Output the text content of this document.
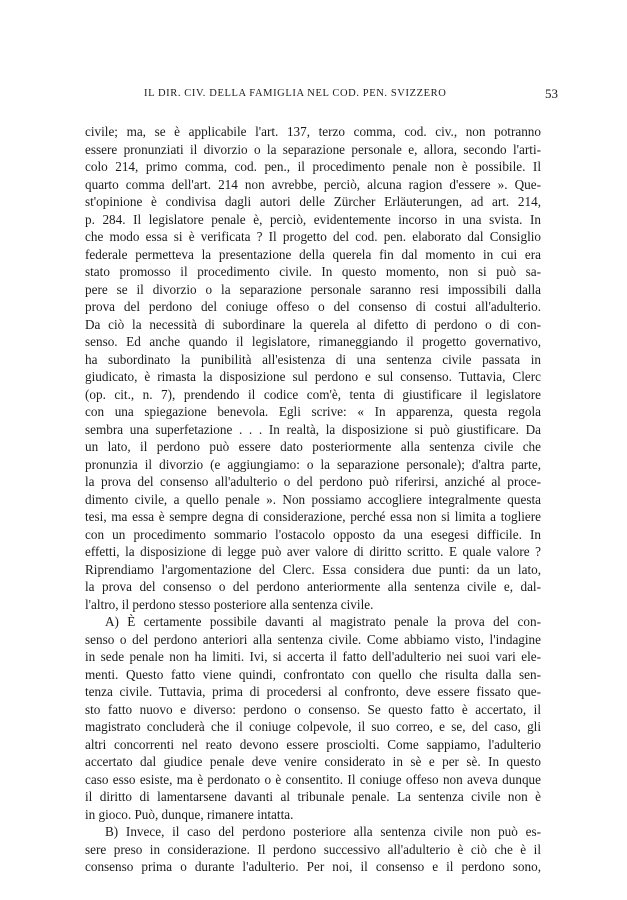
IL DIR. CIV. DELLA FAMIGLIA NEL COD. PEN. SVIZZERO	53
civile; ma, se è applicabile l'art. 137, terzo comma, cod. civ., non potranno
essere pronunziati il divorzio o la separazione personale e, allora, secondo l'arti-
colo 214, primo comma, cod. pen., il procedimento penale non è possibile. Il
quarto comma dell'art. 214 non avrebbe, perciò, alcuna ragion d'essere ». Que-
st'opinione è condivisa dagli autori delle Zürcher Erläuterungen, ad art. 214,
p. 284. Il legislatore penale è, perciò, evidentemente incorso in una svista. In
che modo essa si è verificata ? Il progetto del cod. pen. elaborato dal Consiglio
federale permetteva la presentazione della querela fin dal momento in cui era
stato promosso il procedimento civile. In questo momento, non si può sa-
pere se il divorzio o la separazione personale saranno resi impossibili dalla
prova del perdono del coniuge offeso o del consenso di costui all'adulterio.
Da ciò la necessità di subordinare la querela al difetto di perdono o di con-
senso. Ed anche quando il legislatore, rimaneggiando il progetto governativo,
ha subordinato la punibilità all'esistenza di una sentenza civile passata in
giudicato, è rimasta la disposizione sul perdono e sul consenso. Tuttavia, Clerc
(op. cit., n. 7), prendendo il codice com'è, tenta di giustificare il legislatore
con una spiegazione benevola. Egli scrive: « In apparenza, questa regola
sembra una superfetazione . . . In realtà, la disposizione si può giustificare. Da
un lato, il perdono può essere dato posteriormente alla sentenza civile che
pronunzia il divorzio (e aggiungiamo: o la separazione personale); d'altra parte,
la prova del consenso all'adulterio o del perdono può riferirsi, anziché al proce-
dimento civile, a quello penale ». Non possiamo accogliere integralmente questa
tesi, ma essa è sempre degna di considerazione, perché essa non si limita a togliere
con un procedimento sommario l'ostacolo opposto da una esegesi difficile. In
effetti, la disposizione di legge può aver valore di diritto scritto. E quale valore ?
Riprendiamo l'argomentazione del Clerc. Essa considera due punti: da un lato,
la prova del consenso o del perdono anteriormente alla sentenza civile e, dal-
l'altro, il perdono stesso posteriore alla sentenza civile.
A) È certamente possibile davanti al magistrato penale la prova del con-
senso o del perdono anteriori alla sentenza civile. Come abbiamo visto, l'indagine
in sede penale non ha limiti. Ivi, si accerta il fatto dell'adulterio nei suoi vari ele-
menti. Questo fatto viene quindi, confrontato con quello che risulta dalla sen-
tenza civile. Tuttavia, prima di procedersi al confronto, deve essere fissato que-
sto fatto nuovo e diverso: perdono o consenso. Se questo fatto è accertato, il
magistrato concluderà che il coniuge colpevole, il suo correo, e se, del caso, gli
altri concorrenti nel reato devono essere prosciolti. Come sappiamo, l'adulterio
accertato dal giudice penale deve venire considerato in sè e per sè. In questo
caso esso esiste, ma è perdonato o è consentito. Il coniuge offeso non aveva dunque
il diritto di lamentarsene davanti al tribunale penale. La sentenza civile non è
in gioco. Può, dunque, rimanere intatta.
B) Invece, il caso del perdono posteriore alla sentenza civile non può es-
sere preso in considerazione. Il perdono successivo all'adulterio è ciò che è il
consenso prima o durante l'adulterio. Per noi, il consenso e il perdono sono,
